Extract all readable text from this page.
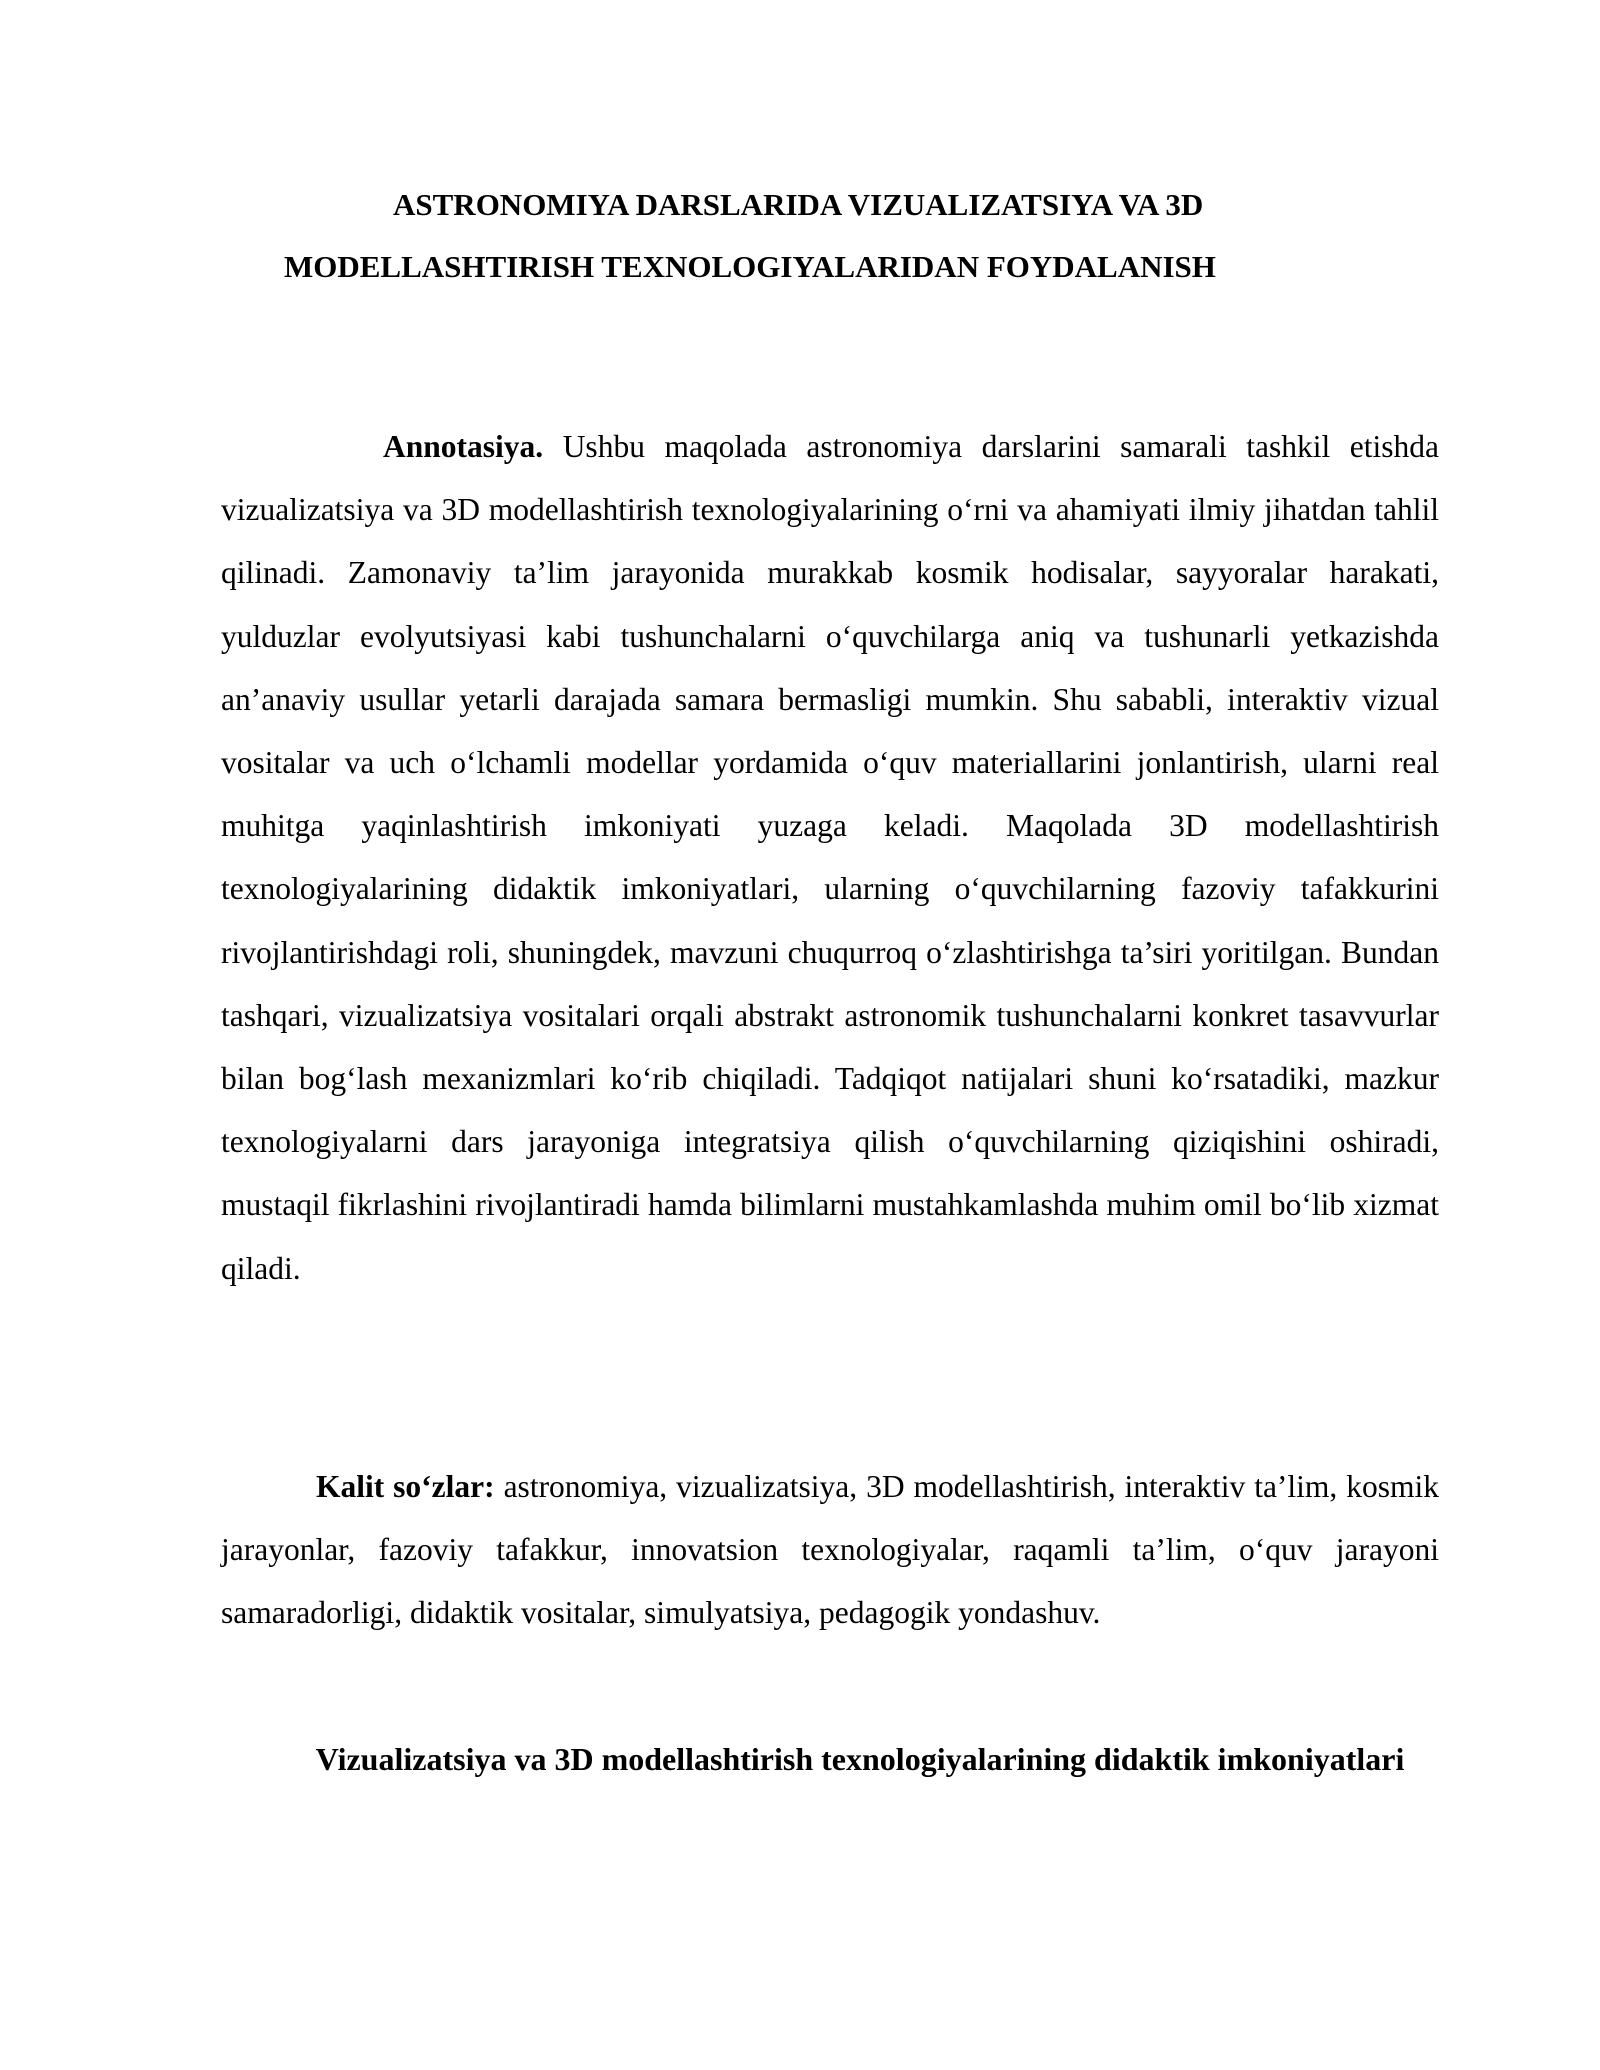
ASTRONOMIYA DARSLARIDA VIZUALIZATSIYA VA 3D
MODELLASHTIRISH TEXNOLOGIYALARIDAN FOYDALANISH

Annotasiya. Ushbu maqolada astronomiya darslarini samarali tashkil etishda vizualizatsiya va 3D modellashtirish texnologiyalarining o‘rni va ahamiyati ilmiy jihatdan tahlil qilinadi. Zamonaviy ta’lim jarayonida murakkab kosmik hodisalar, sayyoralar harakati, yulduzlar evolyutsiyasi kabi tushunchalarni o‘quvchilarga aniq va tushunarli yetkazishda an’anaviy usullar yetarli darajada samara bermasligi mumkin. Shu sababli, interaktiv vizual vositalar va uch o‘lchamli modellar yordamida o‘quv materiallarini jonlantirish, ularni real muhitga yaqinlashtirish imkoniyati yuzaga keladi. Maqolada 3D modellashtirish texnologiyalarining didaktik imkoniyatlari, ularning o‘quvchilarning fazoviy tafakkurini rivojlantirishdagi roli, shuningdek, mavzuni chuqurroq o‘zlashtirishga ta’siri yoritilgan. Bundan tashqari, vizualizatsiya vositalari orqali abstrakt astronomik tushunchalarni konkret tasavvurlar bilan bog‘lash mexanizmlari ko‘rib chiqiladi. Tadqiqot natijalari shuni ko‘rsatadiki, mazkur texnologiyalarni dars jarayoniga integratsiya qilish o‘quvchilarning qiziqishini oshiradi, mustaqil fikrlashini rivojlantiradi hamda bilimlarni mustahkamlashda muhim omil bo‘lib xizmat qiladi.

Kalit so‘zlar: astronomiya, vizualizatsiya, 3D modellashtirish, interaktiv ta’lim, kosmik jarayonlar, fazoviy tafakkur, innovatsion texnologiyalar, raqamli ta’lim, o‘quv jarayoni samaradorligi, didaktik vositalar, simulyatsiya, pedagogik yondashuv.

Vizualizatsiya va 3D modellashtirish texnologiyalarining didaktik imkoniyatlari
